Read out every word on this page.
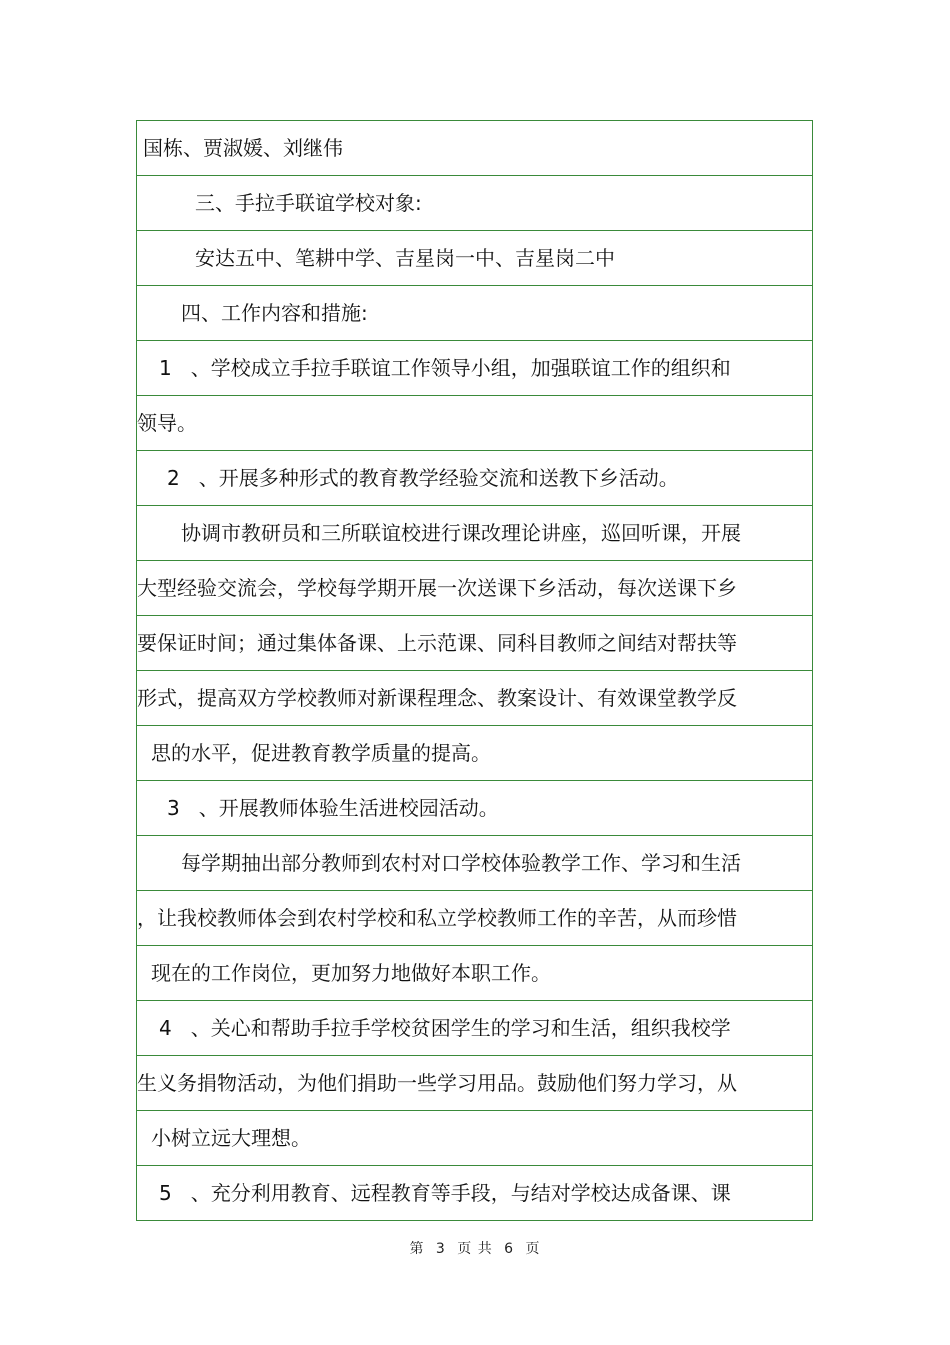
国栋、贾淑媛、刘继伟
三、手拉手联谊学校对象:
安达五中、笔耕中学、吉星岗一中、吉星岗二中
四、工作内容和措施:
1   、学校成立手拉手联谊工作领导小组，加强联谊工作的组织和
领导。
2   、开展多种形式的教育教学经验交流和送教下乡活动。
协调市教研员和三所联谊校进行课改理论讲座，巡回听课，开展
大型经验交流会，学校每学期开展一次送课下乡活动，每次送课下乡
要保证时间；通过集体备课、上示范课、同科目教师之间结对帮扶等
形式，提高双方学校教师对新课程理念、教案设计、有效课堂教学反
思的水平，促进教育教学质量的提高。
3   、开展教师体验生活进校园活动。
每学期抽出部分教师到农村对口学校体验教学工作、学习和生活
，让我校教师体会到农村学校和私立学校教师工作的辛苦，从而珍惜
现在的工作岗位，更加努力地做好本职工作。
4   、关心和帮助手拉手学校贫困学生的学习和生活，组织我校学
生义务捐物活动，为他们捐助一些学习用品。鼓励他们努力学习，从
小树立远大理想。
5   、充分利用教育、远程教育等手段，与结对学校达成备课、课
第 3 页 共 6 页
